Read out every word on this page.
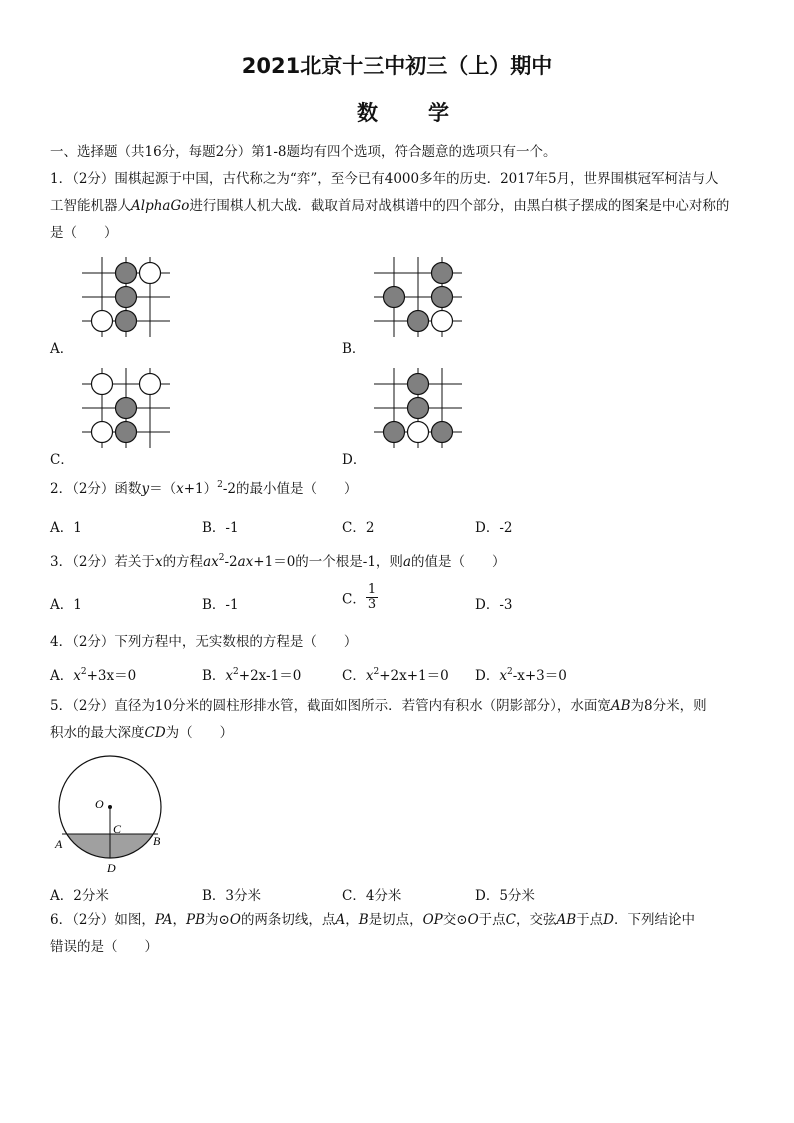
2021北京十三中初三（上）期中
数 学
一、选择题（共16分，每题2分）第1-8题均有四个选项，符合题意的选项只有一个。
1．（2分）围棋起源于中国，古代称之为“弈”，至今已有4000多年的历史．2017年5月，世界围棋冠军柯洁与人
工智能机器人AlphaGo进行围棋人机大战．截取首局对战棋谱中的四个部分，由黑白棋子摆成的图案是中心对称的
是（　　）
A．	B．
C．	D．
2．（2分）函数$y=(x+1)^2-2$的最小值是（　　）
A．1	B．-1	C．2	D．-2
3．（2分）若关于x的方程$ax^2-2ax+1=0$的一个根是-1，则a的值是（　　）
A．1	B．-1	C． $\frac{1}{3}$	D．-3
4．（2分）下列方程中，无实数根的方程是（　　）
A．$x^2+3x=0$	B．$x^2+2x-1=0$	C．$x^2+2x+1=0$ D．$x^2-x+3=0$
5．（2分）直径为10分米的圆柱形排水管，截面如图所示．若管内有积水（阴影部分），水面宽AB为8分米，则
积水的最大深度CD为（　　）
O
C
A	B
D
A．2分米	B．3分米	C．4分米	D．5分米
6．（2分）如图，PA，PB为⊙O的两条切线，点A，B是切点，OP交⊙O于点C，交弦AB于点D．下列结论中
错误的是（　　）
